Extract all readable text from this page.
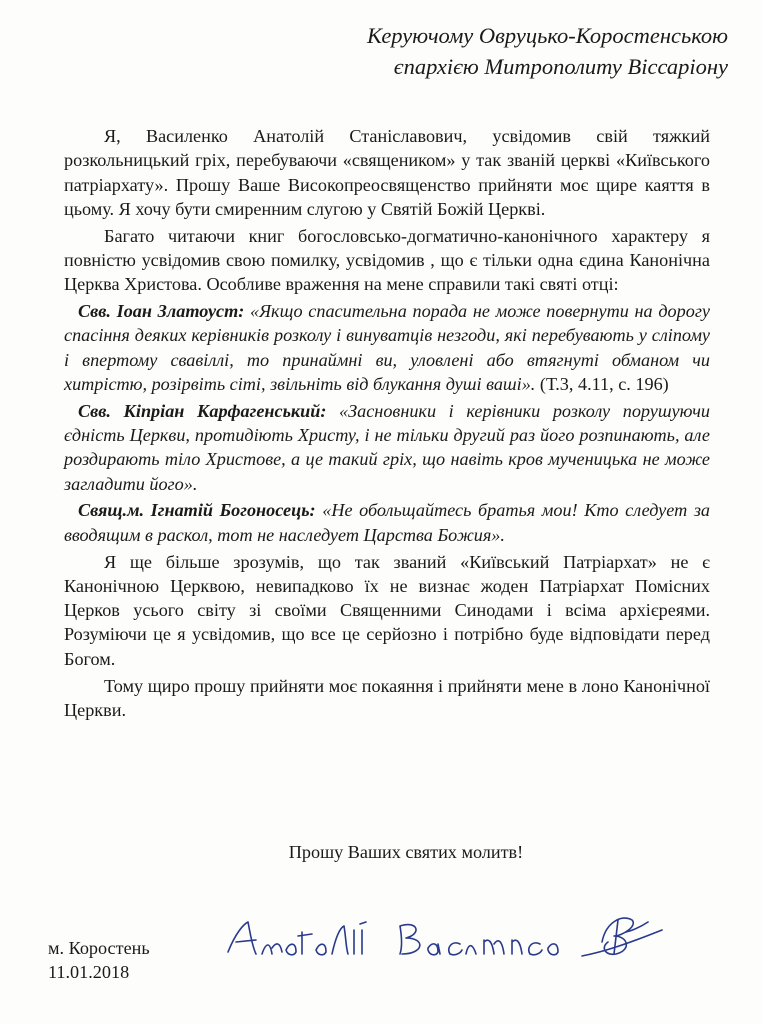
Керуючому Овруцько-Коростенською
єпархією Митрополиту Віссаріону

Я, Василенко Анатолій Станіславович, усвідомив свій тяжкий розкольницький гріх, перебуваючи «священиком» у так званій церкві «Київського патріархату». Прошу Ваше Високопреосвященство прийняти моє щире каяття в цьому. Я хочу бути смиренним слугою у Святій Божій Церкві.

Багато читаючи книг богословсько-догматично-канонічного характеру я повністю усвідомив свою помилку, усвідомив , що є тільки одна єдина Канонічна Церква Христова. Особливе враження на мене справили такі святі отці:

Свв. Іоан Златоуст: «Якщо спасительна порада не може повернути на дорогу спасіння деяких керівників розколу і винуватців незгоди, які перебувають у сліпому і впертому свавіллі, то принаймні ви, уловлені або втягнуті обманом чи хитрістю, розірвіть сіті, звільніть від блукання душі ваші». (Т.3, 4.11, с. 196)

Свв. Кіпріан Карфагенський: «Засновники і керівники розколу порушуючи єдність Церкви, протидіють Христу, і не тільки другий раз його розпинають, але роздирають тіло Христове, а це такий гріх, що навіть кров мученицька не може загладити його».

Свящ.м. Ігнатій Богоносець: «Не обольщайтесь братья мои! Кто следует за вводящим в раскол, тот не наследует Царства Божия».

Я ще більше зрозумів, що так званий «Київський Патріархат» не є Канонічною Церквою, невипадково їх не визнає жоден Патріархат Помісних Церков усього світу зі своїми Священними Синодами і всіма архієреями. Розуміючи це я усвідомив, що все це серйозно і потрібно буде відповідати перед Богом.

Тому щиро прошу прийняти моє покаяння і прийняти мене в лоно Канонічної Церкви.

Прошу Ваших святих молитв!
м. Коростень
11.01.2018
